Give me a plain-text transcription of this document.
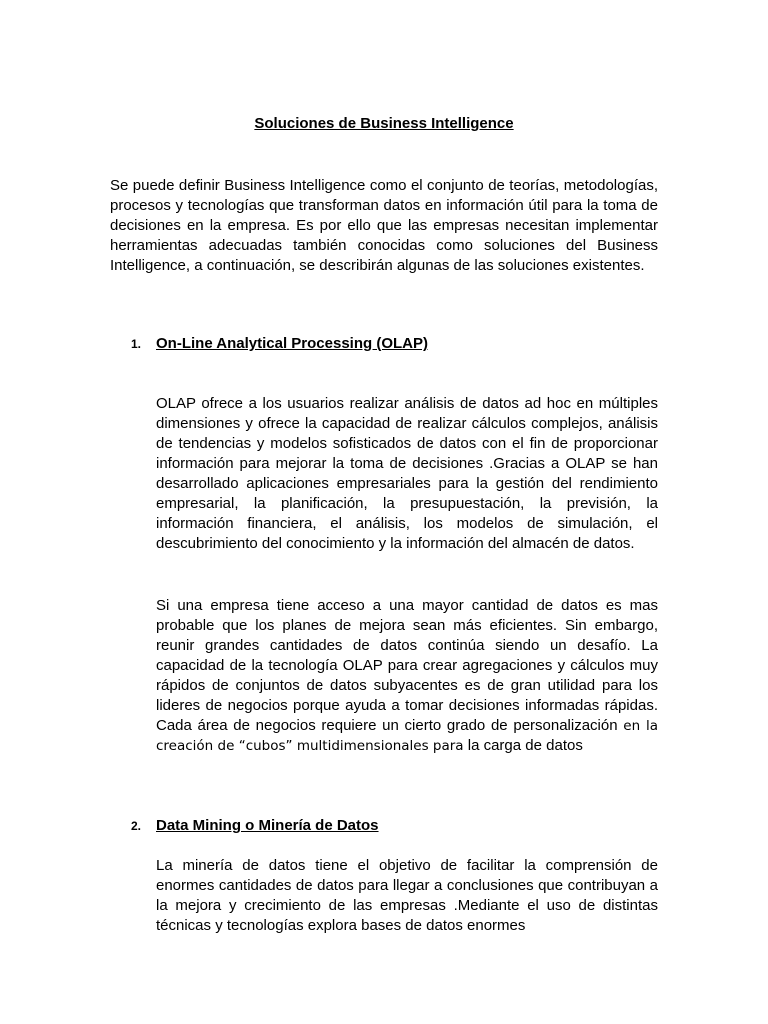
Soluciones de Business Intelligence

Se puede definir Business Intelligence como el conjunto de teorías, metodologías, procesos y tecnologías que transforman datos en información útil para la toma de decisiones en la empresa. Es por ello que las empresas necesitan implementar herramientas adecuadas también conocidas como soluciones del Business Intelligence, a continuación, se describirán algunas de las soluciones existentes.

1. On-Line Analytical Processing (OLAP)

OLAP ofrece a los usuarios realizar análisis de datos ad hoc en múltiples dimensiones y ofrece la capacidad de realizar cálculos complejos, análisis de tendencias y modelos sofisticados de datos con el fin de proporcionar información para mejorar la toma de decisiones .Gracias a OLAP se han desarrollado aplicaciones empresariales para la gestión del rendimiento empresarial, la planificación, la presupuestación, la previsión, la información financiera, el análisis, los modelos de simulación, el descubrimiento del conocimiento y la información del almacén de datos.

Si una empresa tiene acceso a una mayor cantidad de datos es mas probable que los planes de mejora sean más eficientes. Sin embargo, reunir grandes cantidades de datos continúa siendo un desafío. La capacidad de la tecnología OLAP para crear agregaciones y cálculos muy rápidos de conjuntos de datos subyacentes es de gran utilidad para los lideres de negocios porque ayuda a tomar decisiones informadas rápidas. Cada área de negocios requiere un cierto grado de personalización en la creación de “cubos” multidimensionales para la carga de datos

2. Data Mining o Minería de Datos

La minería de datos tiene el objetivo de facilitar la comprensión de enormes cantidades de datos para llegar a conclusiones que contribuyan a la mejora y crecimiento de las empresas .Mediante el uso de distintas técnicas y tecnologías explora bases de datos enormes
